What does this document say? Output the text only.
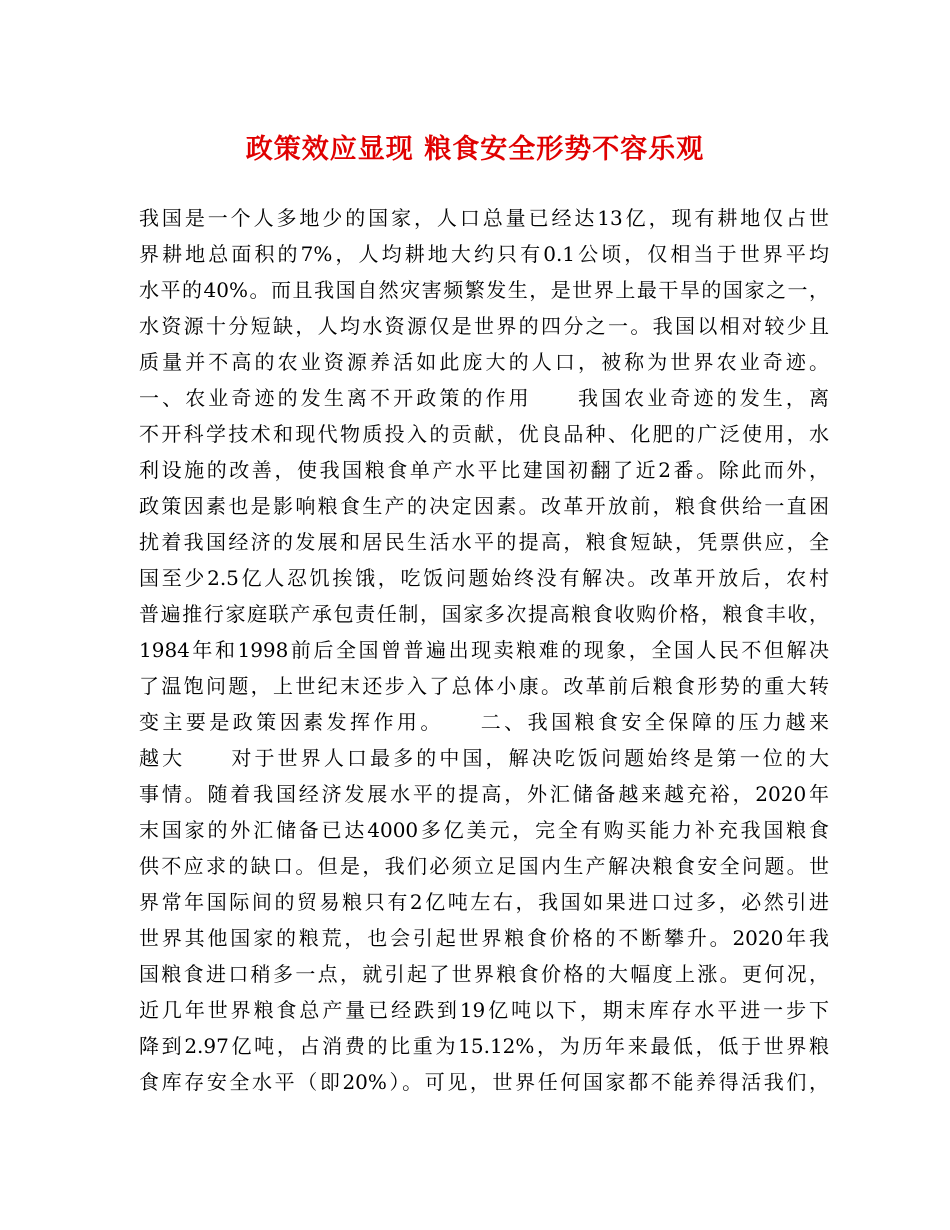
政策效应显现 粮食安全形势不容乐观
我国是一个人多地少的国家，人口总量已经达13亿，现有耕地仅占世
界耕地总面积的7%，人均耕地大约只有0.1公顷，仅相当于世界平均
水平的40%。而且我国自然灾害频繁发生，是世界上最干旱的国家之一，
水资源十分短缺，人均水资源仅是世界的四分之一。我国以相对较少且
质量并不高的农业资源养活如此庞大的人口，被称为世界农业奇迹。
一、农业奇迹的发生离不开政策的作用　　我国农业奇迹的发生，离
不开科学技术和现代物质投入的贡献，优良品种、化肥的广泛使用，水
利设施的改善，使我国粮食单产水平比建国初翻了近2番。除此而外，
政策因素也是影响粮食生产的决定因素。改革开放前，粮食供给一直困
扰着我国经济的发展和居民生活水平的提高，粮食短缺，凭票供应，全
国至少2.5亿人忍饥挨饿，吃饭问题始终没有解决。改革开放后，农村
普遍推行家庭联产承包责任制，国家多次提高粮食收购价格，粮食丰收，
1984年和1998前后全国曾普遍出现卖粮难的现象，全国人民不但解决
了温饱问题，上世纪末还步入了总体小康。改革前后粮食形势的重大转
变主要是政策因素发挥作用。　　二、我国粮食安全保障的压力越来
越大　　对于世界人口最多的中国，解决吃饭问题始终是第一位的大
事情。随着我国经济发展水平的提高，外汇储备越来越充裕，2020年
末国家的外汇储备已达4000多亿美元，完全有购买能力补充我国粮食
供不应求的缺口。但是，我们必须立足国内生产解决粮食安全问题。世
界常年国际间的贸易粮只有2亿吨左右，我国如果进口过多，必然引进
世界其他国家的粮荒，也会引起世界粮食价格的不断攀升。2020年我
国粮食进口稍多一点，就引起了世界粮食价格的大幅度上涨。更何况，
近几年世界粮食总产量已经跌到19亿吨以下，期末库存水平进一步下
降到2.97亿吨，占消费的比重为15.12%，为历年来最低，低于世界粮
食库存安全水平（即20%）。可见，世界任何国家都不能养得活我们，
